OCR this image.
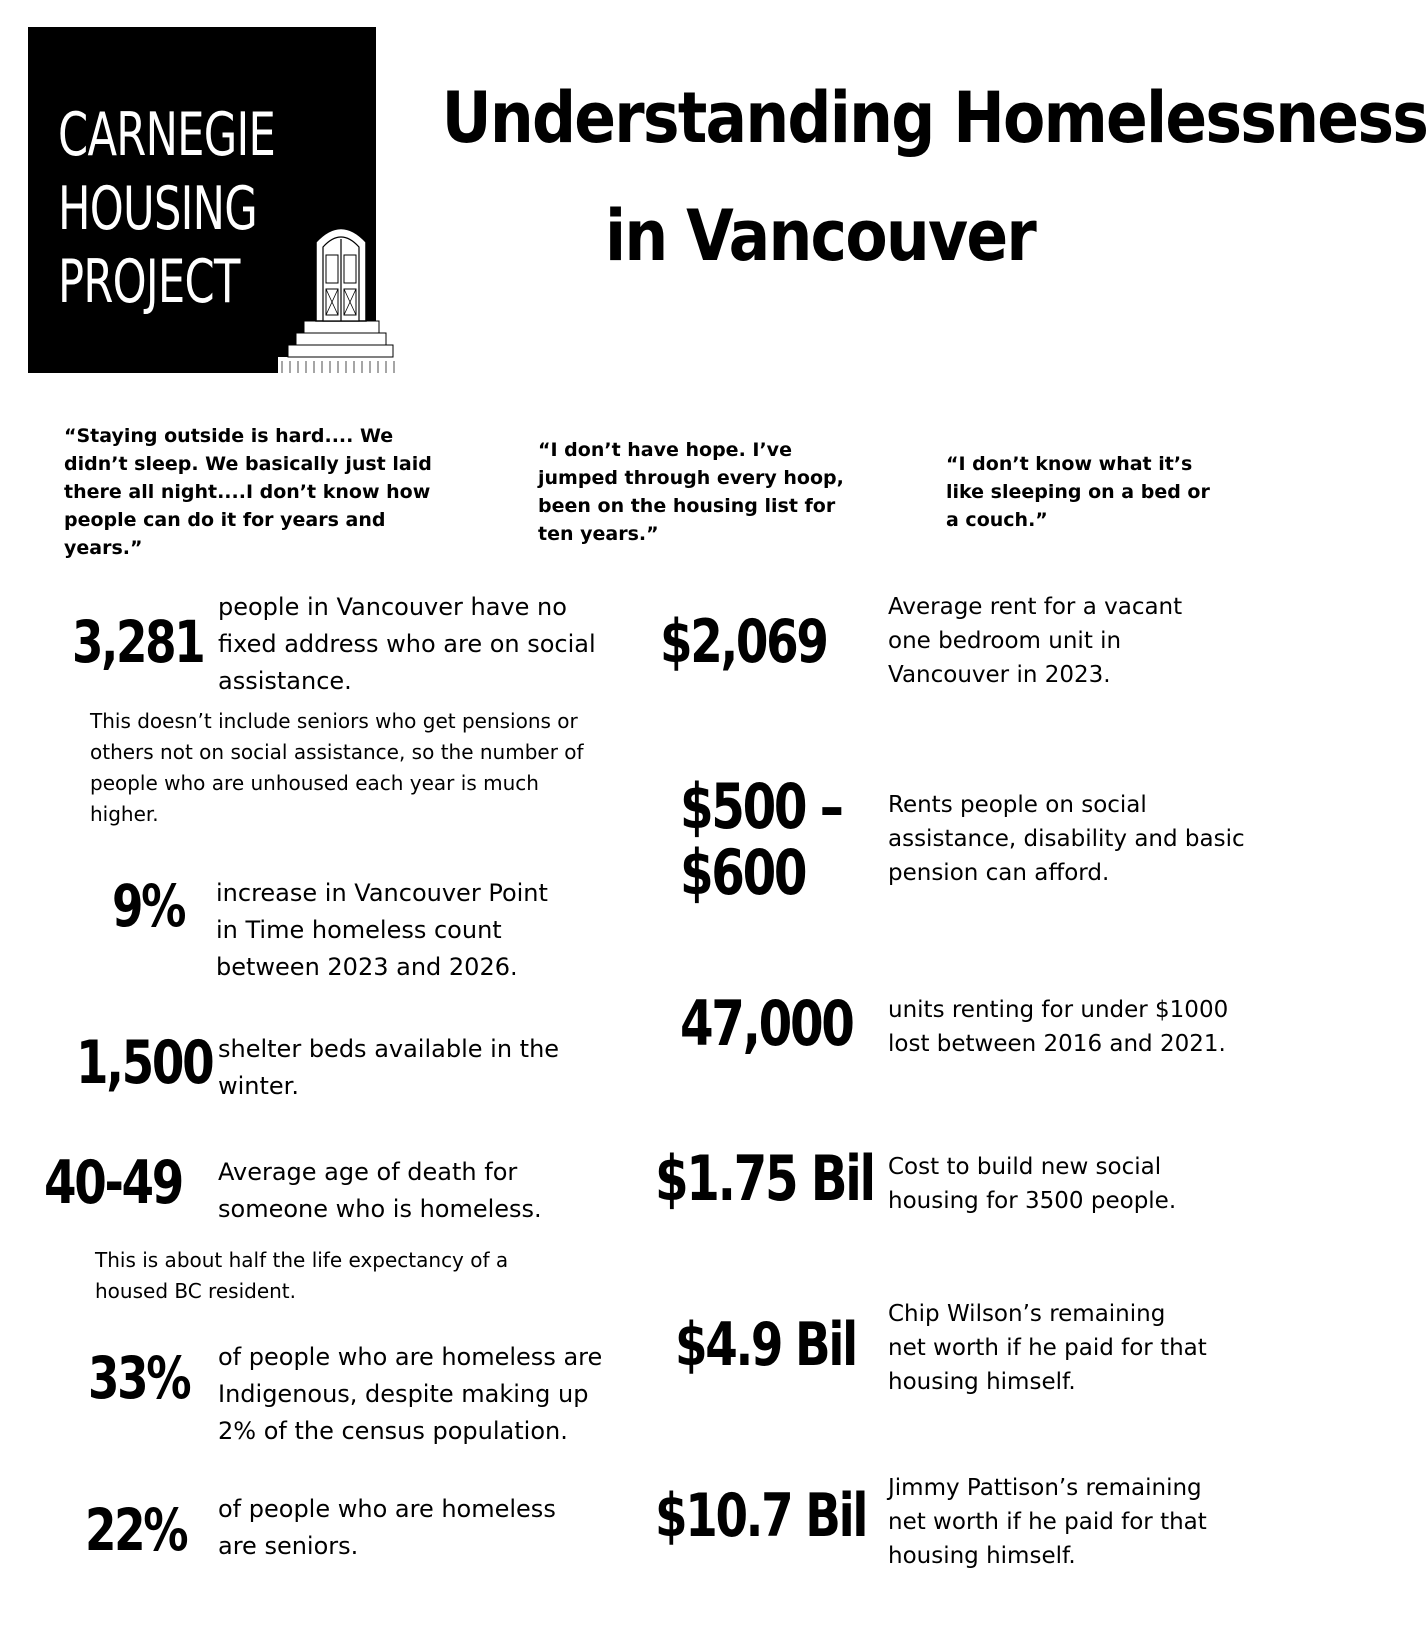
CARNEGIE
HOUSING
PROJECT
Understanding Homelessness
in Vancouver
“Staying outside is hard.... We didn’t sleep. We basically just laid there all night....I don’t know how people can do it for years and years.”
“I don’t have hope. I’ve jumped through every hoop, been on the housing list for ten years.”
“I don’t know what it’s like sleeping on a bed or a couch.”
3,281
people in Vancouver have no fixed address who are on social assistance.
This doesn’t include seniors who get pensions or others not on social assistance, so the number of people who are unhoused each year is much higher.
9% increase in Vancouver Point in Time homeless count between 2023 and 2026.
1,500 shelter beds available in the winter.
40-49 Average age of death for someone who is homeless.
This is about half the life expectancy of a housed BC resident.
33% of people who are homeless are Indigenous, despite making up 2% of the census population.
22% of people who are homeless are seniors.
$2,069	Average rent for a vacant one bedroom unit in Vancouver in 2023.
$500 –
$600
Rents people on social assistance, disability and basic pension can afford.
47,000 units renting for under $1000 lost between 2016 and 2021.
$1.75 Bil Cost to build new social housing for 3500 people.
$4.9 Bil Chip Wilson’s remaining net worth if he paid for that housing himself.
$10.7 Bil Jimmy Pattison’s remaining net worth if he paid for that housing himself.
